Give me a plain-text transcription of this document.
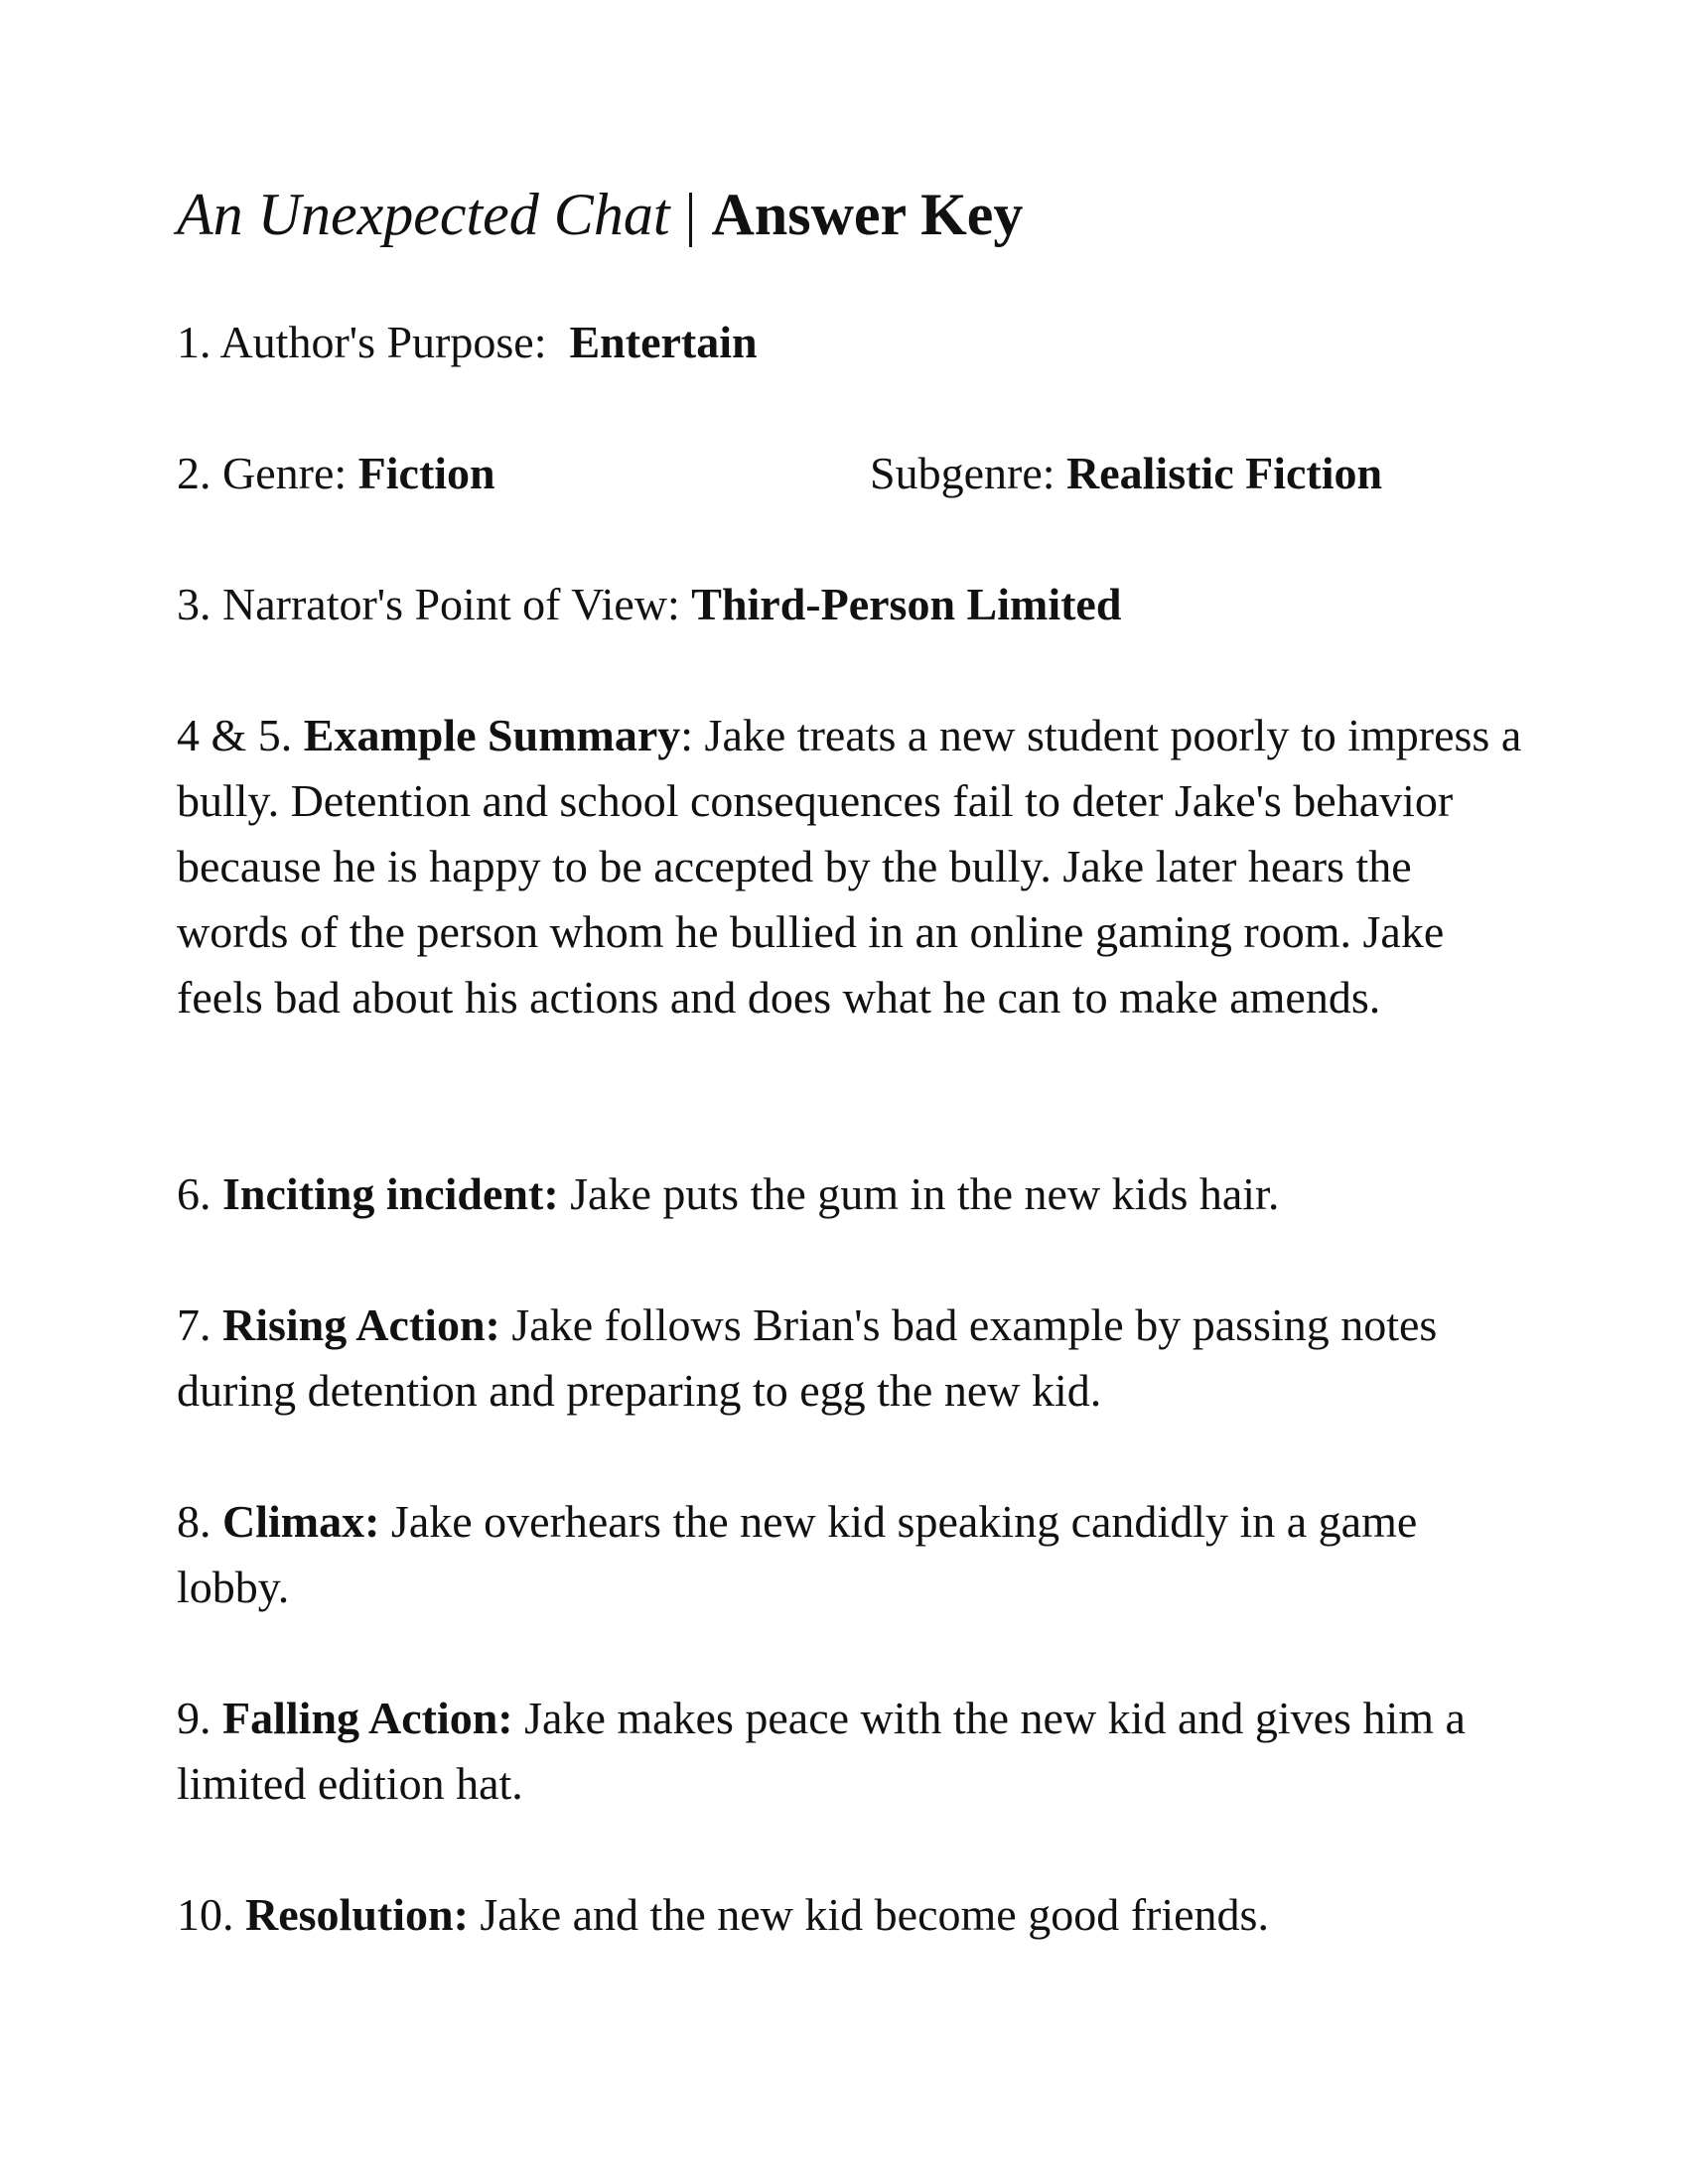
An Unexpected Chat | Answer Key
1. Author's Purpose:  Entertain
2. Genre: Fiction	Subgenre: Realistic Fiction
3. Narrator's Point of View: Third-Person Limited
4 & 5. Example Summary: Jake treats a new student poorly to impress a bully. Detention and school consequences fail to deter Jake's behavior because he is happy to be accepted by the bully. Jake later hears the words of the person whom he bullied in an online gaming room. Jake feels bad about his actions and does what he can to make amends.
6. Inciting incident: Jake puts the gum in the new kids hair.
7. Rising Action: Jake follows Brian's bad example by passing notes during detention and preparing to egg the new kid.
8. Climax: Jake overhears the new kid speaking candidly in a game lobby.
9. Falling Action: Jake makes peace with the new kid and gives him a limited edition hat.
10. Resolution: Jake and the new kid become good friends.
